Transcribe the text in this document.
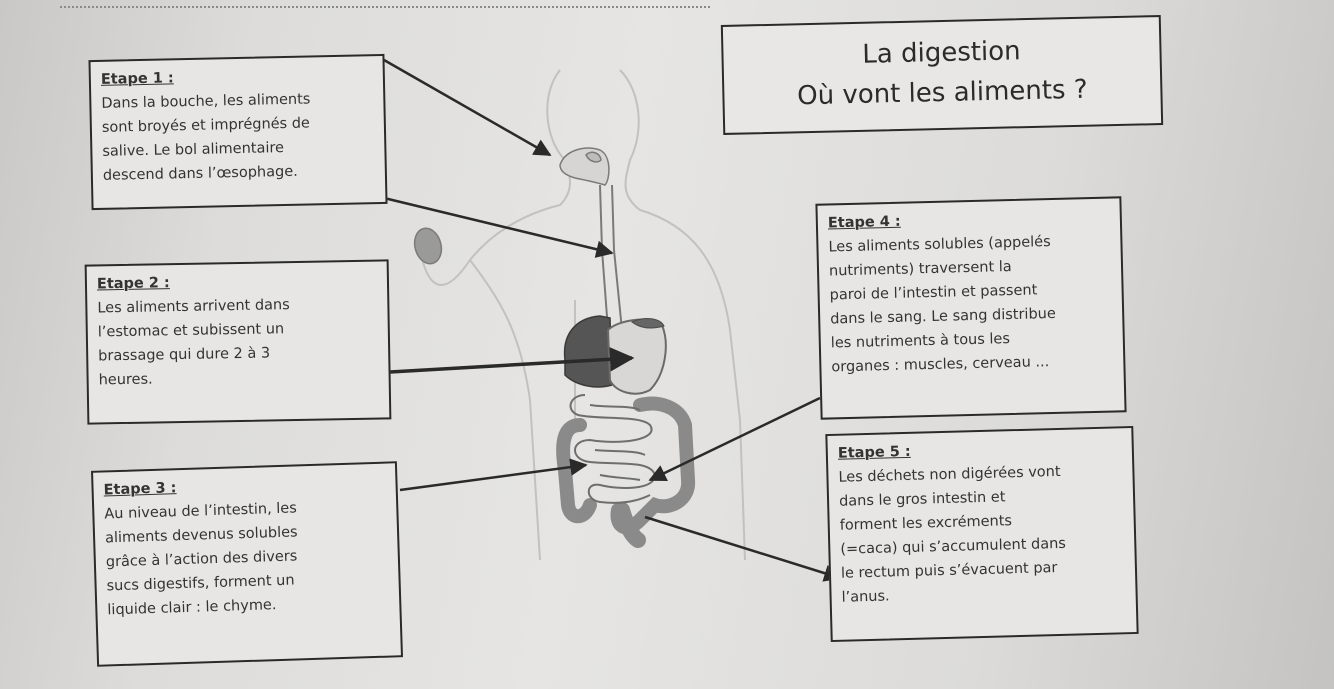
La digestion
Où vont les aliments ?
Etape 1 :
Dans la bouche, les aliments
sont broyés et imprégnés de
salive. Le bol alimentaire
descend dans l’œsophage.
Etape 2 :
Les aliments arrivent dans
l’estomac et subissent un
brassage qui dure 2 à 3
heures.
Etape 3 :
Au niveau de l’intestin, les
aliments devenus solubles
grâce à l’action des divers
sucs digestifs, forment un
liquide clair : le chyme.
Etape 4 :
Les aliments solubles (appelés
nutriments) traversent la
paroi de l’intestin et passent
dans le sang. Le sang distribue
les nutriments à tous les
organes : muscles, cerveau ...
Etape 5 :
Les déchets non digérées vont
dans le gros intestin et
forment les excréments
(=caca) qui s’accumulent dans
le rectum puis s’évacuent par
l’anus.
